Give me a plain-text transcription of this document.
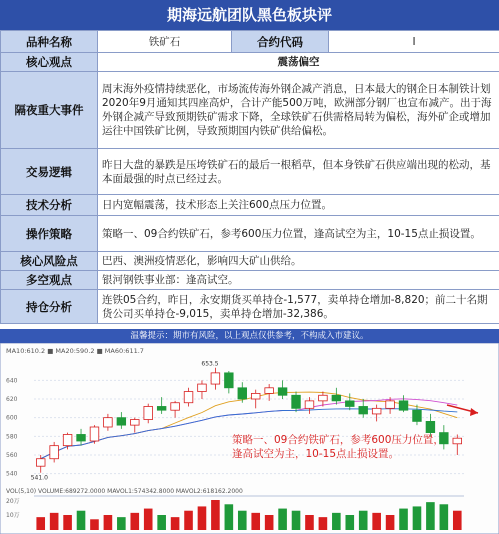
期海远航团队黑色板块评
品种名称	铁矿石	合约代码	I
核心观点	震荡偏空		
隔夜重大事件	周末海外疫情持续恶化，市场流传海外钢企减产消息，日本最大的钢企日本制铁计划2020年9月通知其四座高炉，合计产能500万吨，欧洲部分钢厂也宣布减产。出于海外钢企减产导致预期铁矿需求下降，全球铁矿石供需格局转为偏松，海外矿企或增加运往中国铁矿比例，导致预期国内铁矿供给偏松。		
交易逻辑	昨日大盘的暴跌是压垮铁矿石的最后一根稻草，但本身铁矿石供应端出现的松动，基本面最强的时点已经过去。		
技术分析	日内宽幅震荡，技术形态上关注600点压力位置。		
操作策略	策略一、09合约铁矿石，参考600压力位置，逢高试空为主，10-15点止损设置。		
核心风险点	巴西、澳洲疫情恶化，影响四大矿山供给。		
多空观点	银河钢铁事业部：逢高试空。		
持仓分析	连铁05合约，昨日，永安期货买单持仓-1,577，卖单持仓增加-8,820；前二十名期货公司买单持仓-9,015，卖单持仓增加-32,386。		
温馨提示：期市有风险，以上观点仅供参考，不构成入市建议。
MA10:610.2 ■ MA20:590.2 ■ MA60:611.7
VOL(5,10) VOLUME:689272.0000 MAVOL1:574342.8000 MAVOL2:618162.2000
640
620
600
580
560
540
653.5
541.0
20万
10万
策略一、09合约铁矿石，参考600压力位置，逢高试空为主，10-15点止损设置。
